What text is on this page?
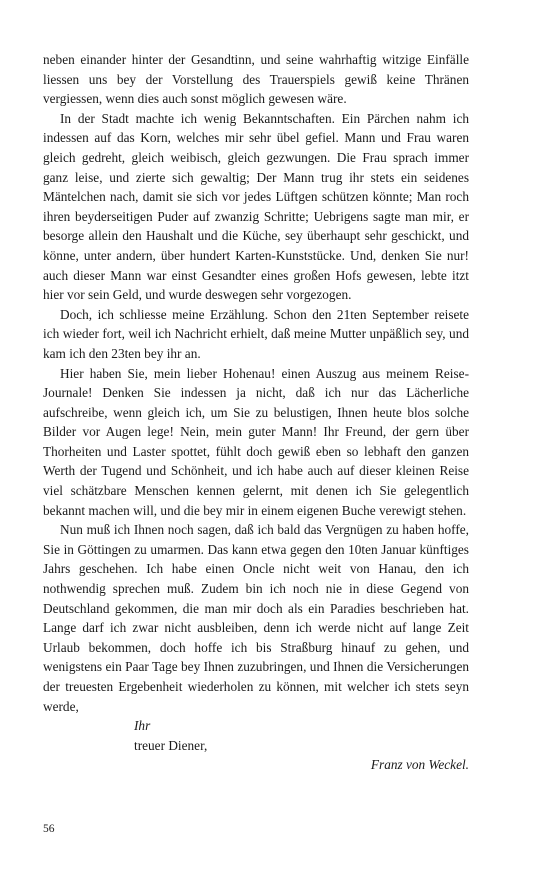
neben einander hinter der Gesandtinn, und seine wahrhaftig witzige Einfälle liessen uns bey der Vorstellung des Trauerspiels gewiß keine Thränen vergiessen, wenn dies auch sonst möglich gewesen wäre.

In der Stadt machte ich wenig Bekanntschaften. Ein Pärchen nahm ich indessen auf das Korn, welches mir sehr übel gefiel. Mann und Frau waren gleich gedreht, gleich weibisch, gleich gezwungen. Die Frau sprach immer ganz leise, und zierte sich gewaltig; Der Mann trug ihr stets ein seidenes Mäntelchen nach, damit sie sich vor jedes Lüftgen schützen könnte; Man roch ihren beyderseitigen Puder auf zwanzig Schritte; Uebrigens sagte man mir, er besorge allein den Haushalt und die Küche, sey überhaupt sehr geschickt, und könne, unter andern, über hundert Karten-Kunststücke. Und, denken Sie nur! auch dieser Mann war einst Gesandter eines großen Hofs gewesen, lebte itzt hier vor sein Geld, und wurde deswegen sehr vorgezogen.

Doch, ich schliesse meine Erzählung. Schon den 21ten September reisete ich wieder fort, weil ich Nachricht erhielt, daß meine Mutter unpäßlich sey, und kam ich den 23ten bey ihr an.

Hier haben Sie, mein lieber Hohenau! einen Auszug aus meinem Reise-Journale! Denken Sie indessen ja nicht, daß ich nur das Lächerliche aufschreibe, wenn gleich ich, um Sie zu belustigen, Ihnen heute blos solche Bilder vor Augen lege! Nein, mein guter Mann! Ihr Freund, der gern über Thorheiten und Laster spottet, fühlt doch gewiß eben so lebhaft den ganzen Werth der Tugend und Schönheit, und ich habe auch auf dieser kleinen Reise viel schätzbare Menschen kennen gelernt, mit denen ich Sie gelegentlich bekannt machen will, und die bey mir in einem eigenen Buche verewigt stehen.

Nun muß ich Ihnen noch sagen, daß ich bald das Vergnügen zu haben hoffe, Sie in Göttingen zu umarmen. Das kann etwa gegen den 10ten Januar künftiges Jahrs geschehen. Ich habe einen Oncle nicht weit von Hanau, den ich nothwendig sprechen muß. Zudem bin ich noch nie in diese Gegend von Deutschland gekommen, die man mir doch als ein Paradies beschrieben hat. Lange darf ich zwar nicht ausbleiben, denn ich werde nicht auf lange Zeit Urlaub bekommen, doch hoffe ich bis Straßburg hinauf zu gehen, und wenigstens ein Paar Tage bey Ihnen zuzubringen, und Ihnen die Versicherungen der treuesten Ergebenheit wiederholen zu können, mit welcher ich stets seyn werde,

Ihr

treuer Diener,

Franz von Weckel.

56
